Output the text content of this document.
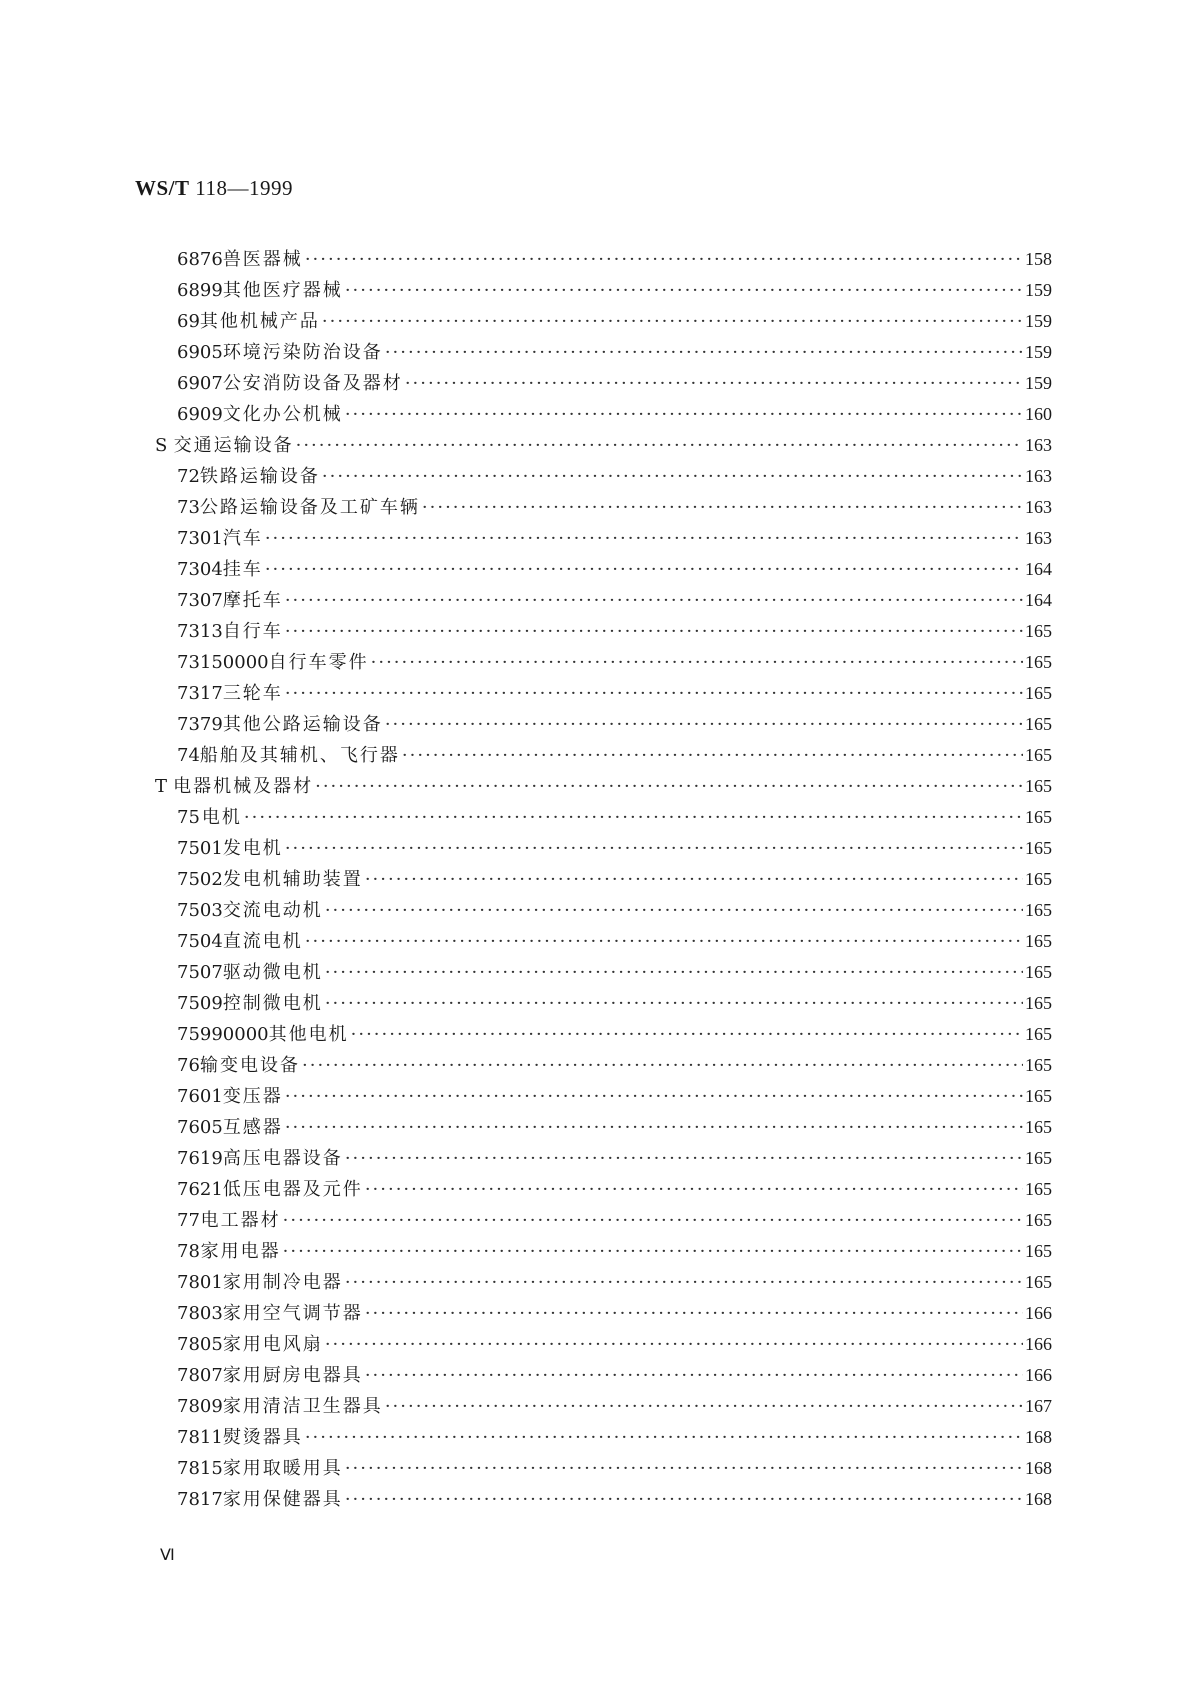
WS/T 118—1999
6876 兽医器械 ·····	158
6899 其他医疗器械 ·····	159
69 其他机械产品 ·····	159
6905 环境污染防治设备 ·····	159
6907 公安消防设备及器材 ·····	159
6909 文化办公机械 ·····	160
S 交通运输设备 ·····	163
72 铁路运输设备 ·····	163
73 公路运输设备及工矿车辆 ·····	163
7301 汽车 ·····	163
7304 挂车 ·····	164
7307 摩托车 ·····	164
7313 自行车 ·····	165
73150000 自行车零件 ·····	165
7317 三轮车 ·····	165
7379 其他公路运输设备 ·····	165
74 船舶及其辅机、飞行器 ·····	165
T 电器机械及器材 ·····	165
75 电机 ·····	165
7501 发电机 ·····	165
7502 发电机辅助装置 ·····	165
7503 交流电动机 ·····	165
7504 直流电机 ·····	165
7507 驱动微电机 ·····	165
7509 控制微电机 ·····	165
75990000 其他电机 ·····	165
76 输变电设备 ·····	165
7601 变压器 ·····	165
7605 互感器 ·····	165
7619 高压电器设备 ·····	165
7621 低压电器及元件 ·····	165
77 电工器材 ·····	165
78 家用电器 ·····	165
7801 家用制冷电器 ·····	165
7803 家用空气调节器 ·····	166
7805 家用电风扇 ·····	166
7807 家用厨房电器具 ·····	166
7809 家用清洁卫生器具 ·····	167
7811 熨烫器具 ·····	168
7815 家用取暖用具 ·····	168
7817 家用保健器具 ·····	168
Ⅵ
